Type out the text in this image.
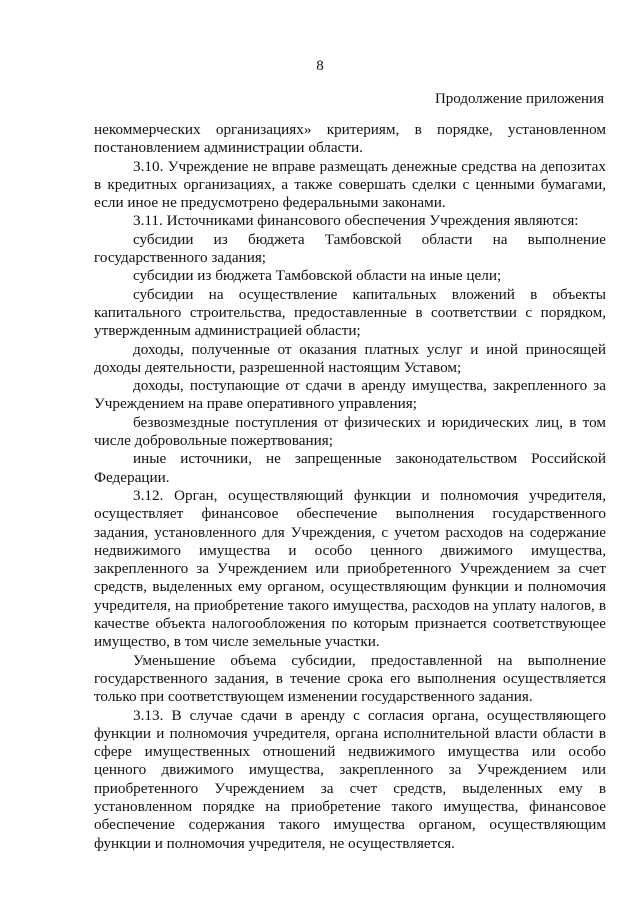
8
Продолжение приложения

некоммерческих организациях» критериям, в порядке, установленном постановлением администрации области.

3.10. Учреждение не вправе размещать денежные средства на депозитах в кредитных организациях, а также совершать сделки с ценными бумагами, если иное не предусмотрено федеральными законами.

3.11. Источниками финансового обеспечения Учреждения являются:

субсидии из бюджета Тамбовской области на выполнение государственного задания;

субсидии из бюджета Тамбовской области на иные цели;

субсидии на осуществление капитальных вложений в объекты капитального строительства, предоставленные в соответствии с порядком, утвержденным администрацией области;

доходы, полученные от оказания платных услуг и иной приносящей доходы деятельности, разрешенной настоящим Уставом;

доходы, поступающие от сдачи в аренду имущества, закрепленного за Учреждением на праве оперативного управления;

безвозмездные поступления от физических и юридических лиц, в том числе добровольные пожертвования;

иные источники, не запрещенные законодательством Российской Федерации.

3.12. Орган, осуществляющий функции и полномочия учредителя, осуществляет финансовое обеспечение выполнения государственного задания, установленного для Учреждения, с учетом расходов на содержание недвижимого имущества и особо ценного движимого имущества, закрепленного за Учреждением или приобретенного Учреждением за счет средств, выделенных ему органом, осуществляющим функции и полномочия учредителя, на приобретение такого имущества, расходов на уплату налогов, в качестве объекта налогообложения по которым признается соответствующее имущество, в том числе земельные участки.

Уменьшение объема субсидии, предоставленной на выполнение государственного задания, в течение срока его выполнения осуществляется только при соответствующем изменении государственного задания.

3.13. В случае сдачи в аренду с согласия органа, осуществляющего функции и полномочия учредителя, органа исполнительной власти области в сфере имущественных отношений недвижимого имущества или особо ценного движимого имущества, закрепленного за Учреждением или приобретенного Учреждением за счет средств, выделенных ему в установленном порядке на приобретение такого имущества, финансовое обеспечение содержания такого имущества органом, осуществляющим функции и полномочия учредителя, не осуществляется.
